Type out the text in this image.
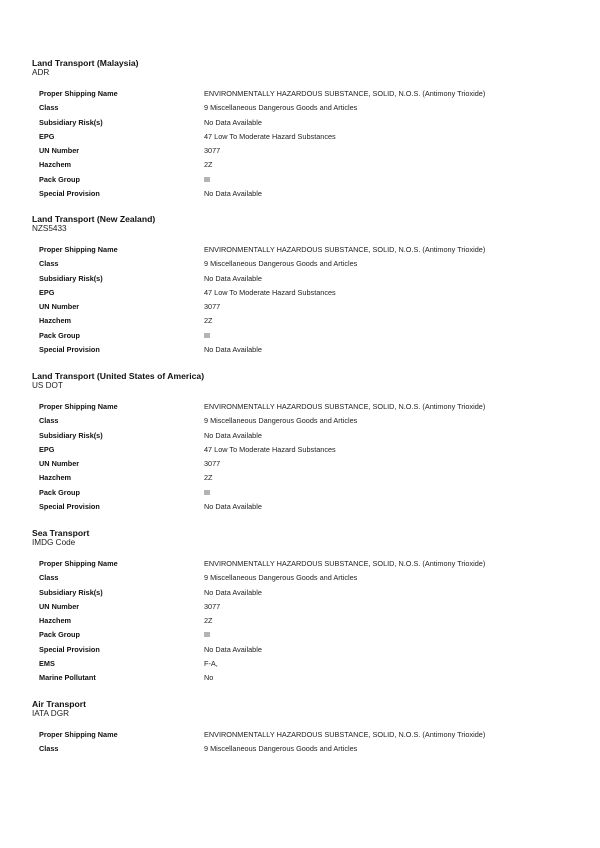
Land Transport (Malaysia)

ADR

Proper Shipping Name	ENVIRONMENTALLY HAZARDOUS SUBSTANCE, SOLID, N.O.S. (Antimony Trioxide)
Class	9 Miscellaneous Dangerous Goods and Articles
Subsidiary Risk(s)	No Data Available
EPG	47 Low To Moderate Hazard Substances
UN Number	3077
Hazchem	2Z
Pack Group	III
Special Provision	No Data Available

Land Transport (New Zealand)

NZS5433

Proper Shipping Name	ENVIRONMENTALLY HAZARDOUS SUBSTANCE, SOLID, N.O.S. (Antimony Trioxide)
Class	9 Miscellaneous Dangerous Goods and Articles
Subsidiary Risk(s)	No Data Available
EPG	47 Low To Moderate Hazard Substances
UN Number	3077
Hazchem	2Z
Pack Group	III
Special Provision	No Data Available

Land Transport (United States of America)

US DOT

Proper Shipping Name	ENVIRONMENTALLY HAZARDOUS SUBSTANCE, SOLID, N.O.S. (Antimony Trioxide)
Class	9 Miscellaneous Dangerous Goods and Articles
Subsidiary Risk(s)	No Data Available
EPG	47 Low To Moderate Hazard Substances
UN Number	3077
Hazchem	2Z
Pack Group	III
Special Provision	No Data Available

Sea Transport

IMDG Code

Proper Shipping Name	ENVIRONMENTALLY HAZARDOUS SUBSTANCE, SOLID, N.O.S. (Antimony Trioxide)
Class	9 Miscellaneous Dangerous Goods and Articles
Subsidiary Risk(s)	No Data Available
UN Number	3077
Hazchem	2Z
Pack Group	III
Special Provision	No Data Available
EMS	F-A,
Marine Pollutant	No

Air Transport

IATA DGR

Proper Shipping Name	ENVIRONMENTALLY HAZARDOUS SUBSTANCE, SOLID, N.O.S. (Antimony Trioxide)
Class	9 Miscellaneous Dangerous Goods and Articles
